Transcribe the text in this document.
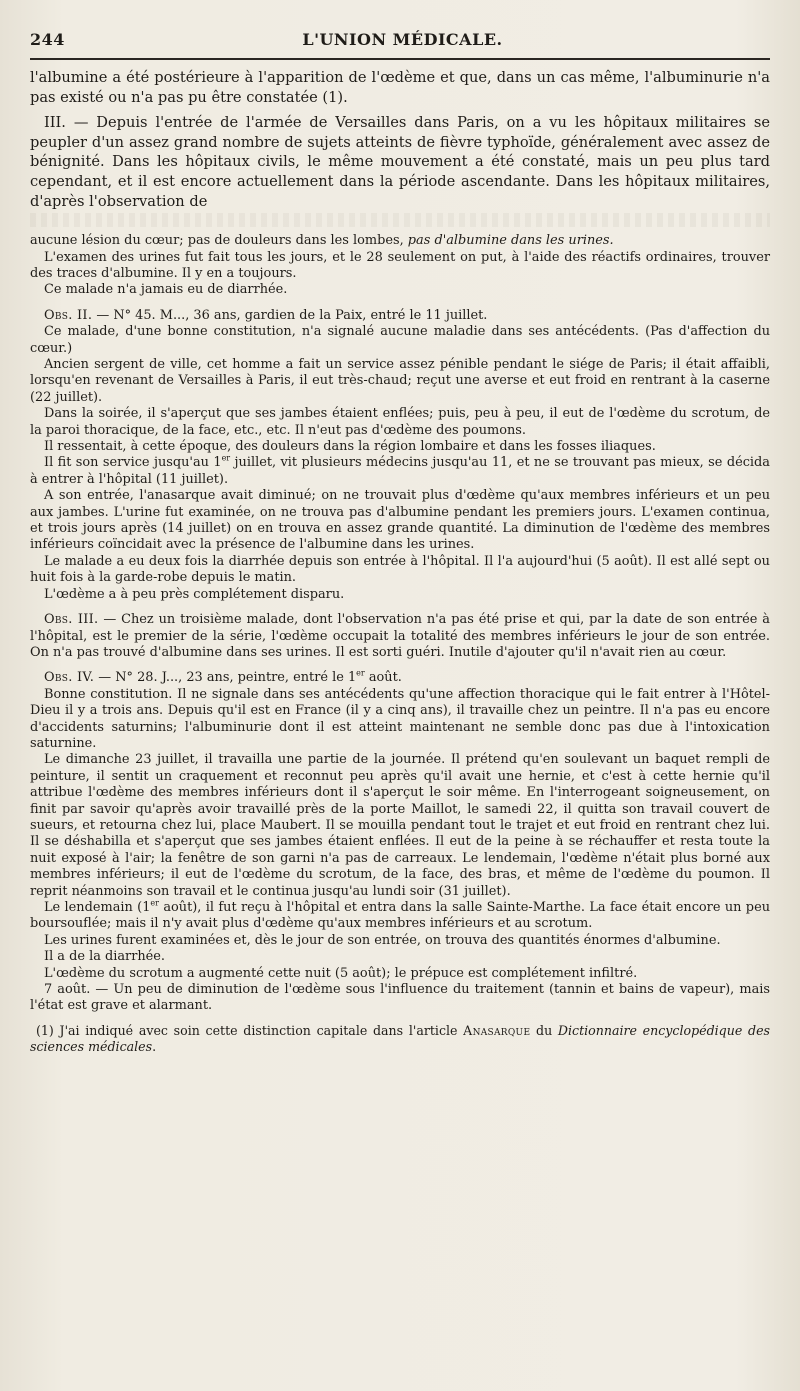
244	L'UNION MÉDICALE.

l'albumine a été postérieure à l'apparition de l'œdème et que, dans un cas même, l'albuminurie n'a pas existé ou n'a pas pu être constatée (1).

III. — Depuis l'entrée de l'armée de Versailles dans Paris, on a vu les hôpitaux militaires se peupler d'un assez grand nombre de sujets atteints de fièvre typhoïde, généralement avec assez de bénignité. Dans les hôpitaux civils, le même mouvement a été constaté, mais un peu plus tard cependant, et il est encore actuellement dans la période ascendante. Dans les hôpitaux militaires, d'après l'observation de

aucune lésion du cœur; pas de douleurs dans les lombes, pas d'albumine dans les urines.

L'examen des urines fut fait tous les jours, et le 28 seulement on put, à l'aide des réactifs ordinaires, trouver des traces d'albumine. Il y en a toujours.

Ce malade n'a jamais eu de diarrhée.

Obs. II. — N° 45. M..., 36 ans, gardien de la Paix, entré le 11 juillet.

Ce malade, d'une bonne constitution, n'a signalé aucune maladie dans ses antécédents. (Pas d'affection du cœur.)

Ancien sergent de ville, cet homme a fait un service assez pénible pendant le siége de Paris; il était affaibli, lorsqu'en revenant de Versailles à Paris, il eut très-chaud; reçut une averse et eut froid en rentrant à la caserne (22 juillet).

Dans la soirée, il s'aperçut que ses jambes étaient enflées; puis, peu à peu, il eut de l'œdème du scrotum, de la paroi thoracique, de la face, etc., etc. Il n'eut pas d'œdème des poumons.

Il ressentait, à cette époque, des douleurs dans la région lombaire et dans les fosses iliaques.

Il fit son service jusqu'au 1er juillet, vit plusieurs médecins jusqu'au 11, et ne se trouvant pas mieux, se décida à entrer à l'hôpital (11 juillet).

A son entrée, l'anasarque avait diminué; on ne trouvait plus d'œdème qu'aux membres inférieurs et un peu aux jambes. L'urine fut examinée, on ne trouva pas d'albumine pendant les premiers jours. L'examen continua, et trois jours après (14 juillet) on en trouva en assez grande quantité. La diminution de l'œdème des membres inférieurs coïncidait avec la présence de l'albumine dans les urines.

Le malade a eu deux fois la diarrhée depuis son entrée à l'hôpital. Il l'a aujourd'hui (5 août). Il est allé sept ou huit fois à la garde-robe depuis le matin.

L'œdème a à peu près complétement disparu.

Obs. III. — Chez un troisième malade, dont l'observation n'a pas été prise et qui, par la date de son entrée à l'hôpital, est le premier de la série, l'œdème occupait la totalité des membres inférieurs le jour de son entrée. On n'a pas trouvé d'albumine dans ses urines. Il est sorti guéri. Inutile d'ajouter qu'il n'avait rien au cœur.

Obs. IV. — N° 28. J..., 23 ans, peintre, entré le 1er août.

Bonne constitution. Il ne signale dans ses antécédents qu'une affection thoracique qui le fait entrer à l'Hôtel-Dieu il y a trois ans. Depuis qu'il est en France (il y a cinq ans), il travaille chez un peintre. Il n'a pas eu encore d'accidents saturnins; l'albuminurie dont il est atteint maintenant ne semble donc pas due à l'intoxication saturnine.

Le dimanche 23 juillet, il travailla une partie de la journée. Il prétend qu'en soulevant un baquet rempli de peinture, il sentit un craquement et reconnut peu après qu'il avait une hernie, et c'est à cette hernie qu'il attribue l'œdème des membres inférieurs dont il s'aperçut le soir même. En l'interrogeant soigneusement, on finit par savoir qu'après avoir travaillé près de la porte Maillot, le samedi 22, il quitta son travail couvert de sueurs, et retourna chez lui, place Maubert. Il se mouilla pendant tout le trajet et eut froid en rentrant chez lui. Il se déshabilla et s'aperçut que ses jambes étaient enflées. Il eut de la peine à se réchauffer et resta toute la nuit exposé à l'air; la fenêtre de son garni n'a pas de carreaux. Le lendemain, l'œdème n'était plus borné aux membres inférieurs; il eut de l'œdème du scrotum, de la face, des bras, et même de l'œdème du poumon. Il reprit néanmoins son travail et le continua jusqu'au lundi soir (31 juillet).

Le lendemain (1er août), il fut reçu à l'hôpital et entra dans la salle Sainte-Marthe. La face était encore un peu boursouflée; mais il n'y avait plus d'œdème qu'aux membres inférieurs et au scrotum.

Les urines furent examinées et, dès le jour de son entrée, on trouva des quantités énormes d'albumine.

Il a de la diarrhée.

L'œdème du scrotum a augmenté cette nuit (5 août); le prépuce est complétement infiltré.

7 août. — Un peu de diminution de l'œdème sous l'influence du traitement (tannin et bains de vapeur), mais l'état est grave et alarmant.

(1) J'ai indiqué avec soin cette distinction capitale dans l'article Anasarque du Dictionnaire encyclopédique des sciences médicales.
